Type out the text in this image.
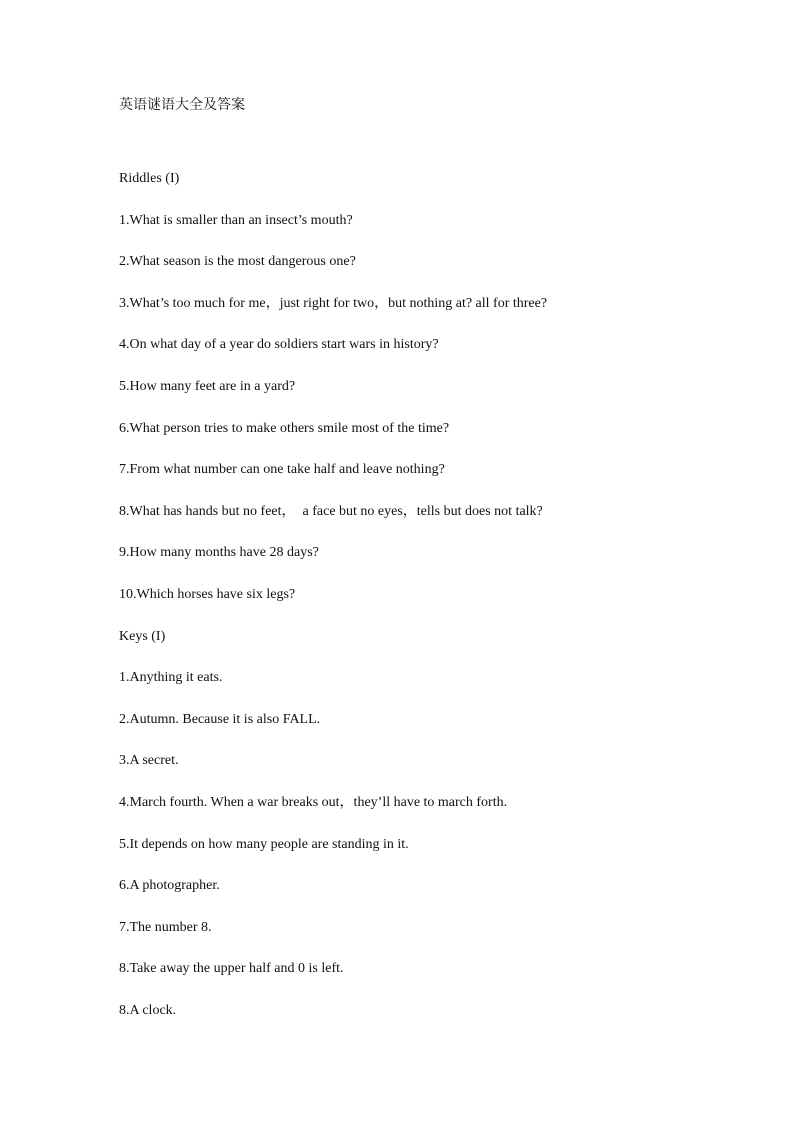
英语谜语大全及答案

Riddles (I)

1.What is smaller than an insect’s mouth?

2.What season is the most dangerous one?

3.What’s too much for me，just right for two，but nothing at? all for three?

4.On what day of a year do soldiers start wars in history?

5.How many feet are in a yard?

6.What person tries to make others smile most of the time?

7.From what number can one take half and leave nothing?

8.What has hands but no feet，  a face but no eyes，tells but does not talk?

9.How many months have 28 days?

10.Which horses have six legs?

Keys (I)

1.Anything it eats.

2.Autumn. Because it is also FALL.

3.A secret.

4.March fourth. When a war breaks out，they’ll have to march forth.

5.It depends on how many people are standing in it.

6.A photographer.

7.The number 8.

8.Take away the upper half and 0 is left.

8.A clock.
